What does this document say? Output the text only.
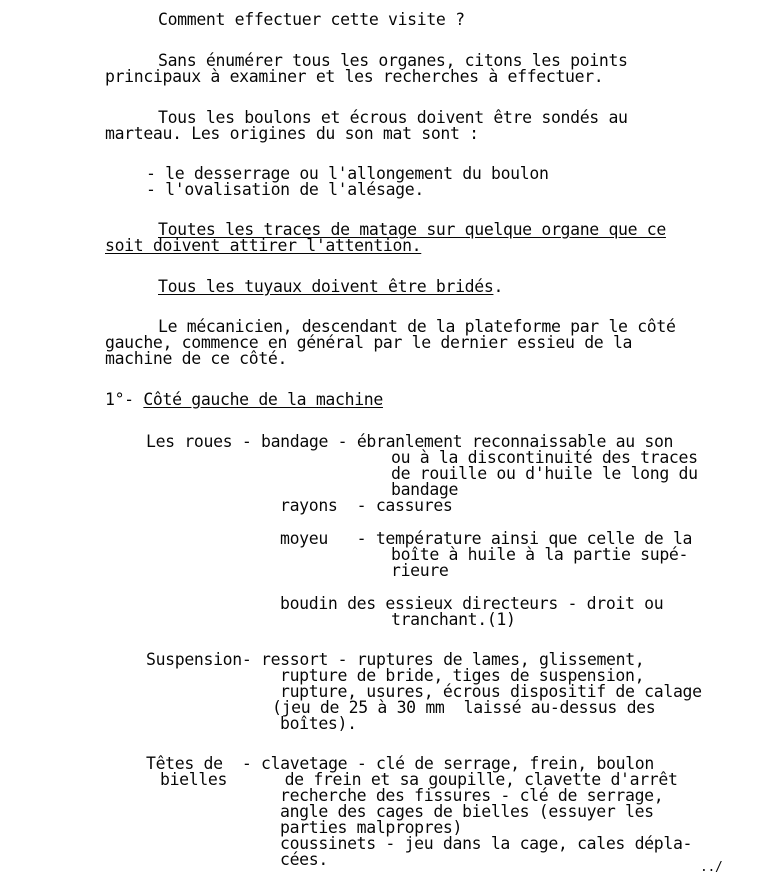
Comment effectuer cette visite ?
Sans énumérer tous les organes, citons les points
principaux à examiner et les recherches à effectuer.
Tous les boulons et écrous doivent être sondés au
marteau. Les origines du son mat sont :
- le desserrage ou l'allongement du boulon
- l'ovalisation de l'alésage.
Toutes les traces de matage sur quelque organe que ce
soit doivent attirer l'attention.
Tous les tuyaux doivent être bridés.
Le mécanicien, descendant de la plateforme par le côté
gauche, commence en général par le dernier essieu de la
machine de ce côté.
1°- Côté gauche de la machine
Les roues - bandage - ébranlement reconnaissable au son
ou à la discontinuité des traces
de rouille ou d'huile le long du
bandage
rayons  - cassures
moyeu   - température ainsi que celle de la
boîte à huile à la partie supé-
rieure
boudin des essieux directeurs - droit ou
tranchant.(1)
Suspension- ressort - ruptures de lames, glissement,
rupture de bride, tiges de suspension,
rupture, usures, écrous dispositif de calage
(jeu de 25 à 30 mm  laissé au-dessus des
boîtes).
Têtes de  - clavetage - clé de serrage, frein, boulon
bielles      de frein et sa goupille, clavette d'arrêt
recherche des fissures - clé de serrage,
angle des cages de bielles (essuyer les
parties malpropres)
coussinets - jeu dans la cage, cales dépla-
cées.	../
